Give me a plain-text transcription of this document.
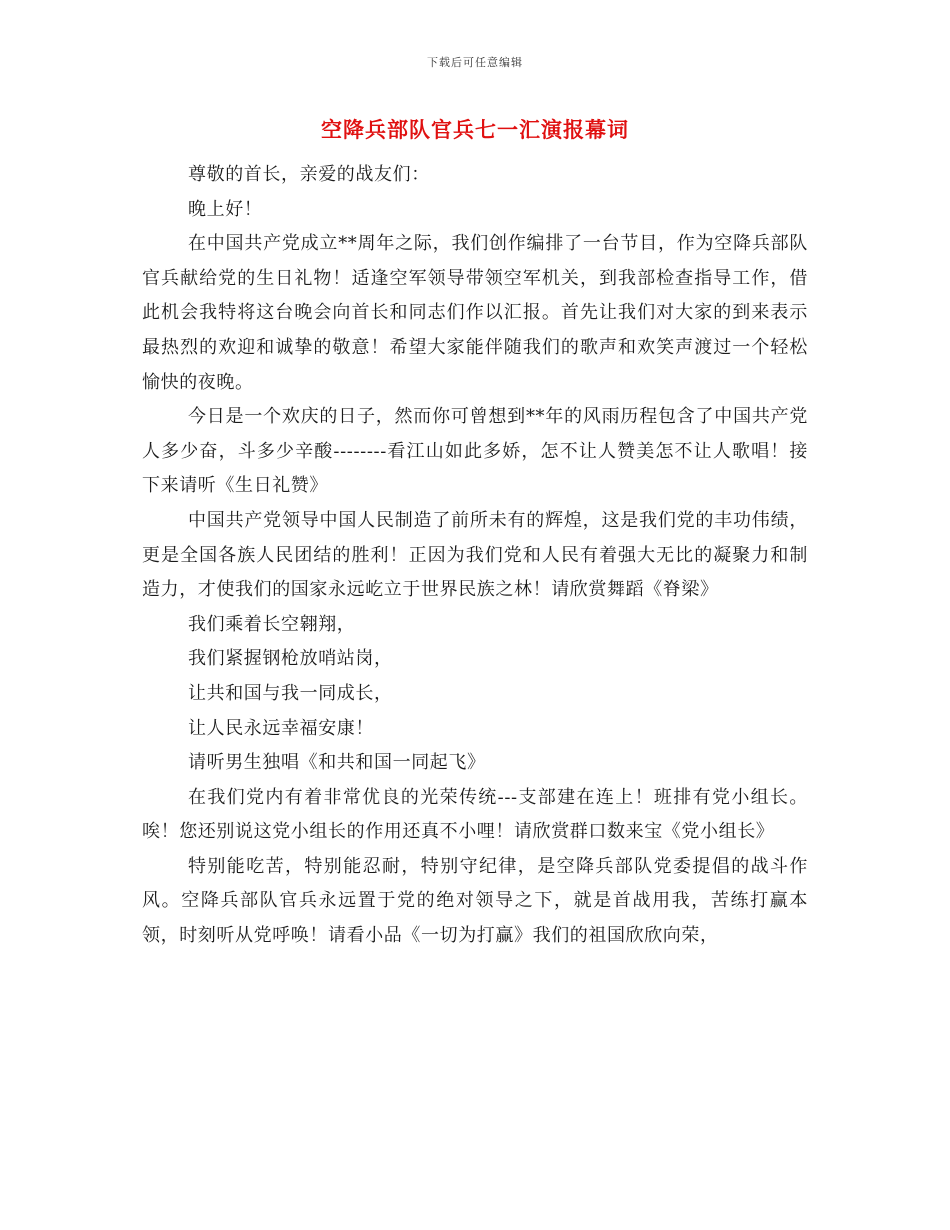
下载后可任意编辑
空降兵部队官兵七一汇演报幕词

尊敬的首长，亲爱的战友们：

晚上好！

在中国共产党成立**周年之际，我们创作编排了一台节目，作为空降兵部队官兵献给党的生日礼物！适逢空军领导带领空军机关，到我部检查指导工作，借此机会我特将这台晚会向首长和同志们作以汇报。首先让我们对大家的到来表示最热烈的欢迎和诚挚的敬意！希望大家能伴随我们的歌声和欢笑声渡过一个轻松愉快的夜晚。

今日是一个欢庆的日子，然而你可曾想到**年的风雨历程包含了中国共产党人多少奋，斗多少辛酸--------看江山如此多娇，怎不让人赞美怎不让人歌唱！接下来请听《生日礼赞》

中国共产党领导中国人民制造了前所未有的辉煌，这是我们党的丰功伟绩，更是全国各族人民团结的胜利！正因为我们党和人民有着强大无比的凝聚力和制造力，才使我们的国家永远屹立于世界民族之林！请欣赏舞蹈《脊梁》

我们乘着长空翱翔，

我们紧握钢枪放哨站岗，

让共和国与我一同成长，

让人民永远幸福安康！

请听男生独唱《和共和国一同起飞》

在我们党内有着非常优良的光荣传统---支部建在连上！班排有党小组长。唉！您还别说这党小组长的作用还真不小哩！请欣赏群口数来宝《党小组长》

特别能吃苦，特别能忍耐，特别守纪律，是空降兵部队党委提倡的战斗作风。空降兵部队官兵永远置于党的绝对领导之下，就是首战用我，苦练打赢本领，时刻听从党呼唤！请看小品《一切为打赢》我们的祖国欣欣向荣，
